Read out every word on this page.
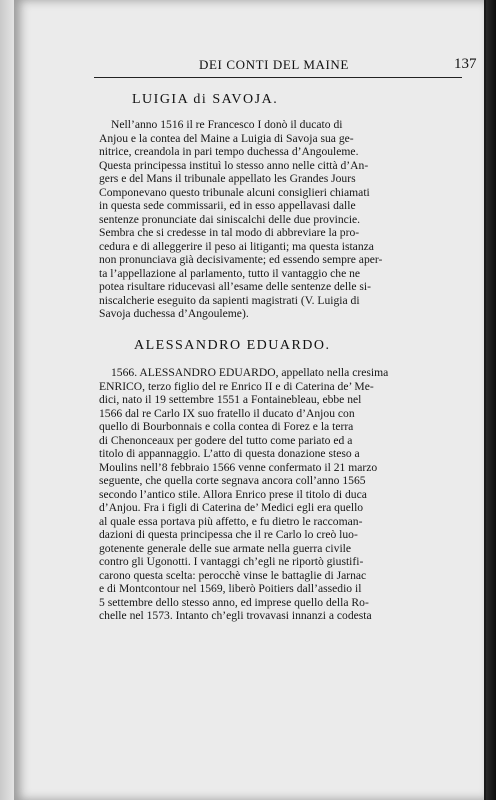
DEI CONTI DEL MAINE	137
LUIGIA di SAVOJA.
Nell’anno 1516 il re Francesco I donò il ducato di
Anjou e la contea del Maine a Luigia di Savoja sua ge-
nitrice, creandola in pari tempo duchessa d’Angouleme.
Questa principessa instituì lo stesso anno nelle città d’An-
gers e del Mans il tribunale appellato les Grandes Jours
Componevano questo tribunale alcuni consiglieri chiamati
in questa sede commissarii, ed in esso appellavasi dalle
sentenze pronunciate dai siniscalchi delle due provincie.
Sembra che si credesse in tal modo di abbreviare la pro-
cedura e di alleggerire il peso ai litiganti; ma questa istanza
non pronunciava già decisivamente; ed essendo sempre aper-
ta l’appellazione al parlamento, tutto il vantaggio che ne
potea risultare riducevasi all’esame delle sentenze delle si-
niscalcherie eseguito da sapienti magistrati (V. Luigia di
Savoja duchessa d’Angouleme).
ALESSANDRO EDUARDO.
1566. ALESSANDRO EDUARDO, appellato nella cresima
ENRICO, terzo figlio del re Enrico II e di Caterina de’ Me-
dici, nato il 19 settembre 1551 a Fontainebleau, ebbe nel
1566 dal re Carlo IX suo fratello il ducato d’Anjou con
quello di Bourbonnais e colla contea di Forez e la terra
di Chenonceaux per godere del tutto come pariato ed a
titolo di appannaggio. L’atto di questa donazione steso a
Moulins nell’8 febbraio 1566 venne confermato il 21 marzo
seguente, che quella corte segnava ancora coll’anno 1565
secondo l’antico stile. Allora Enrico prese il titolo di duca
d’Anjou. Fra i figli di Caterina de’ Medici egli era quello
al quale essa portava più affetto, e fu dietro le raccoman-
dazioni di questa principessa che il re Carlo lo creò luo-
gotenente generale delle sue armate nella guerra civile
contro gli Ugonotti. I vantaggi ch’egli ne riportò giustifi-
carono questa scelta: perocchè vinse le battaglie di Jarnac
e di Montcontour nel 1569, liberò Poitiers dall’assedio il
5 settembre dello stesso anno, ed imprese quello della Ro-
chelle nel 1573. Intanto ch’egli trovavasi innanzi a codesta
